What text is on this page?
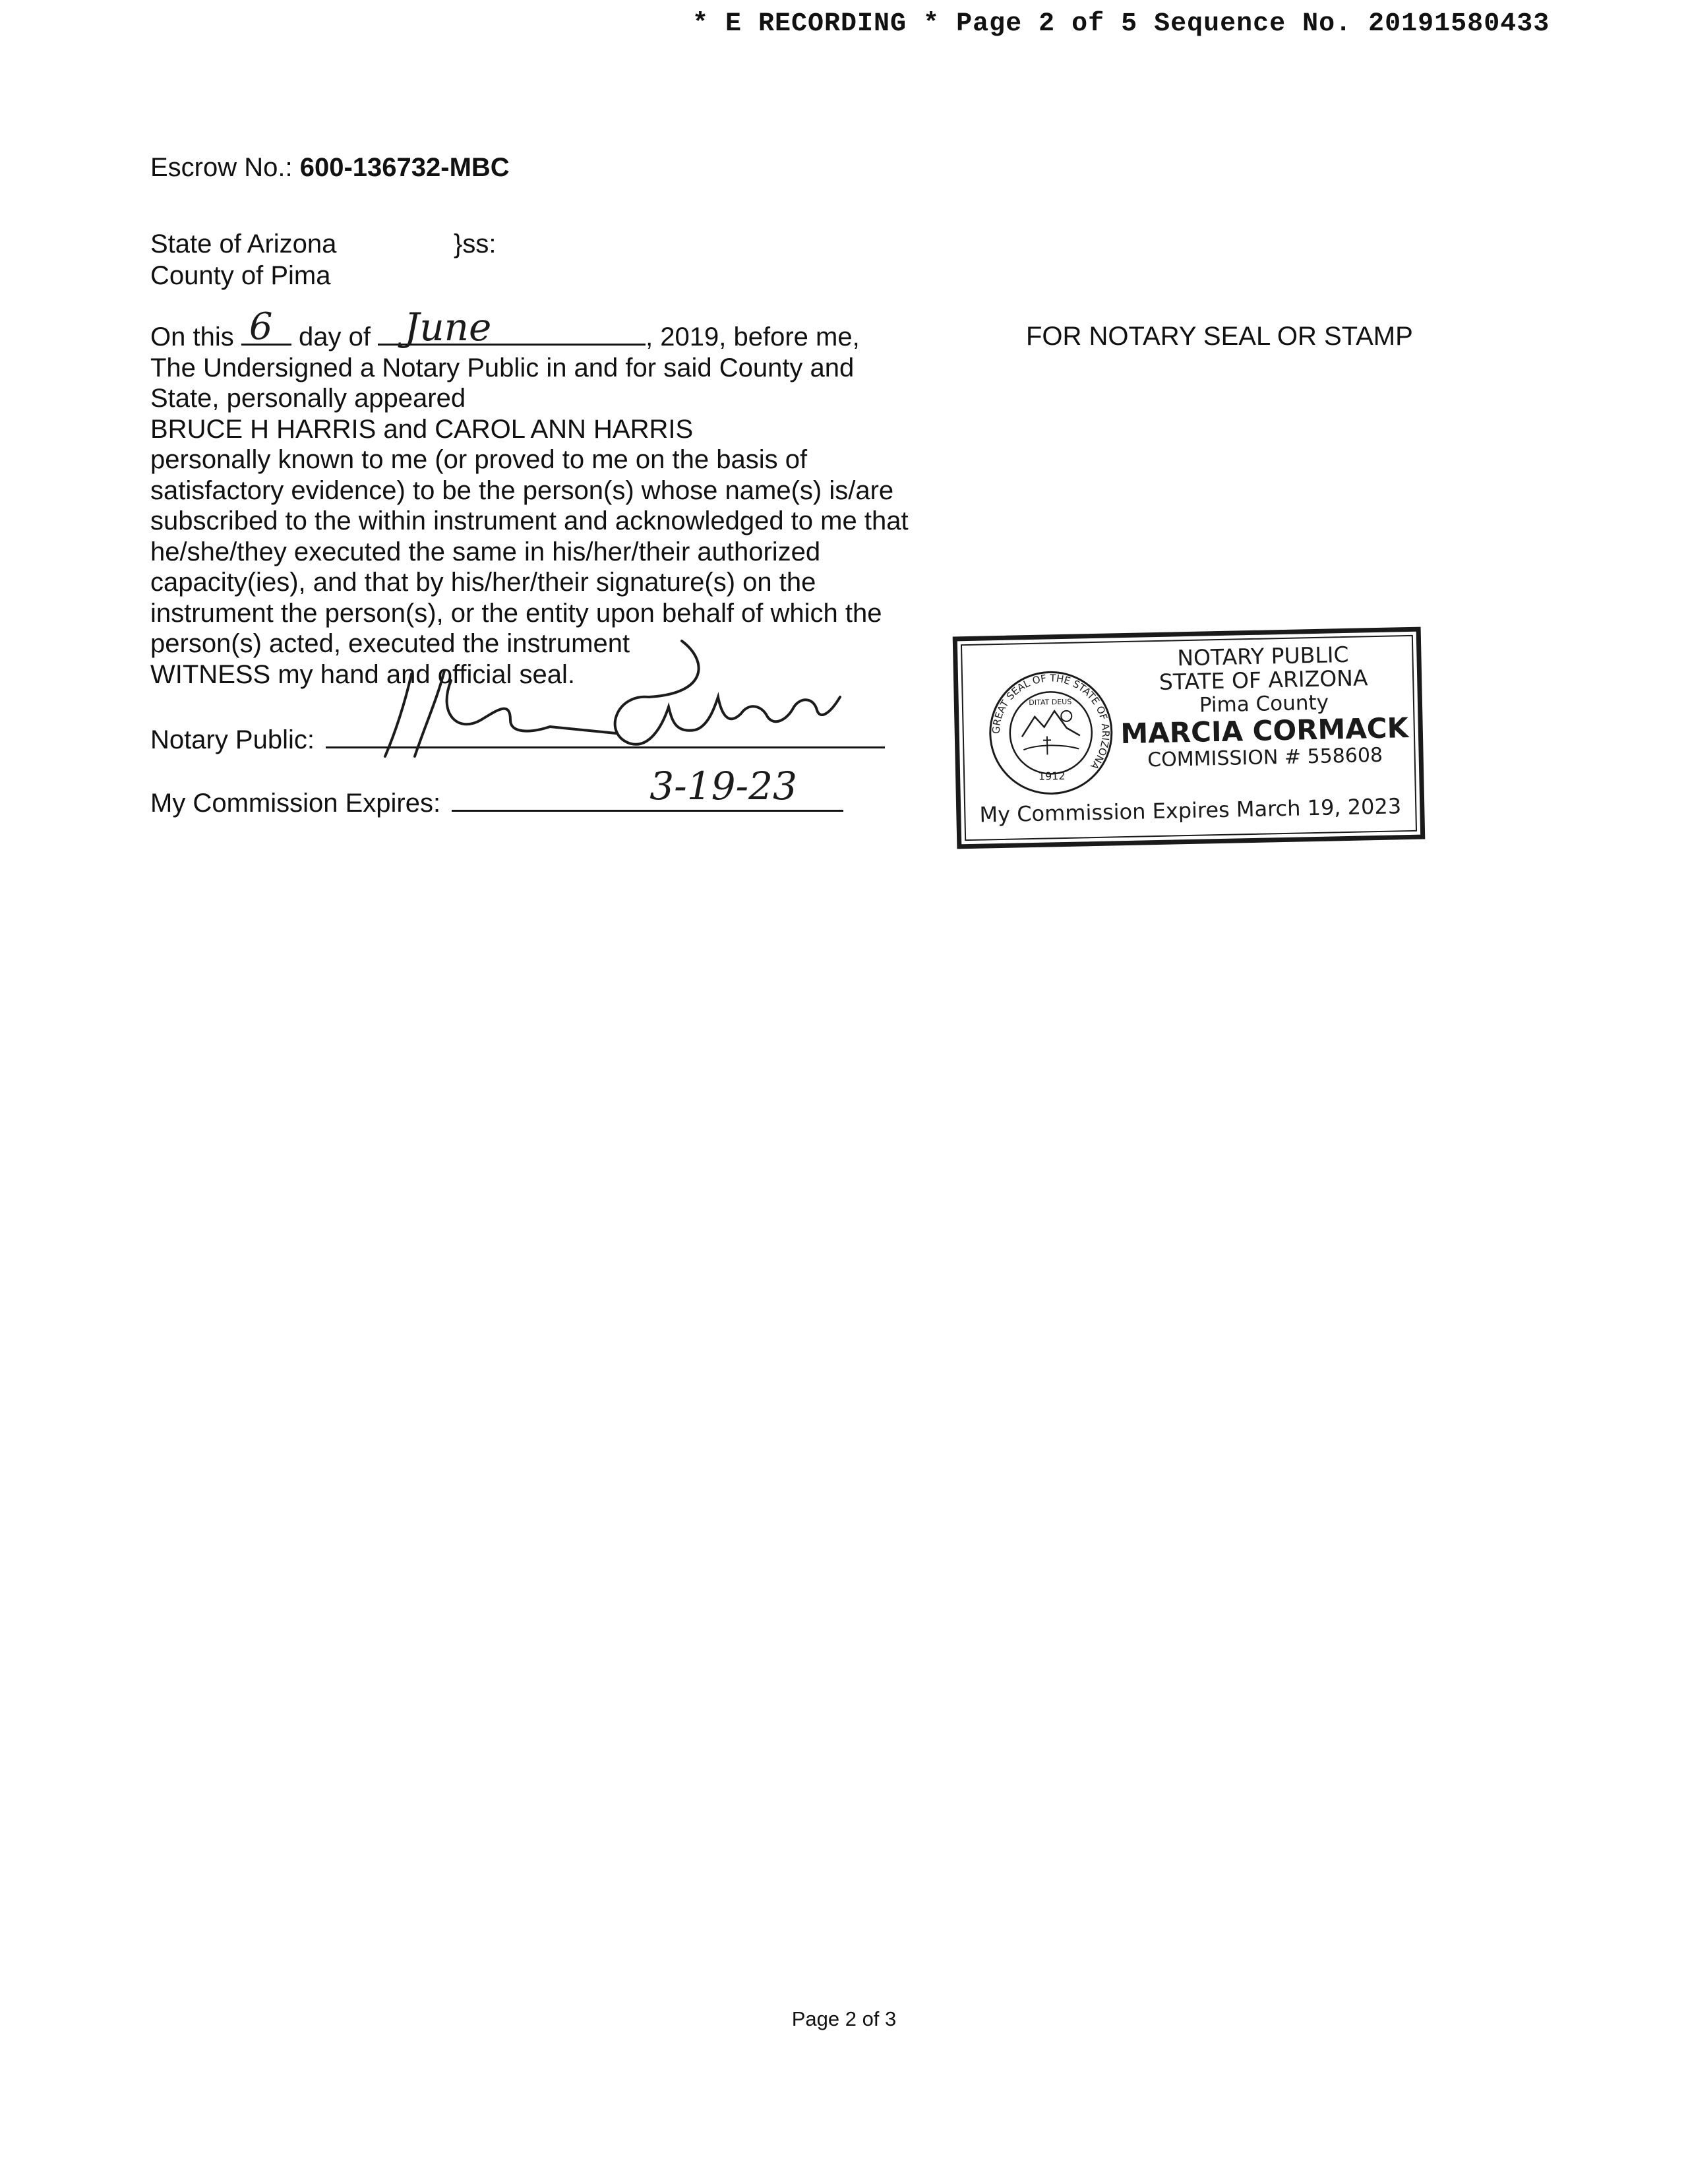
* E RECORDING * Page 2 of 5 Sequence No. 20191580433
Escrow No.: 600-136732-MBC
State of Arizona
County of Pima
}ss:
On this 6 day of June	, 2019, before me,
The Undersigned a Notary Public in and for said County and
State, personally appeared
BRUCE H HARRIS and CAROL ANN HARRIS
personally known to me (or proved to me on the basis of
satisfactory evidence) to be the person(s) whose name(s) is/are
subscribed to the within instrument and acknowledged to me that
he/she/they executed the same in his/her/their authorized
capacity(ies), and that by his/her/their signature(s) on the
instrument the person(s), or the entity upon behalf of which the
person(s) acted, executed the instrument
WITNESS my hand and official seal.
Notary Public:
My Commission Expires:	3-19-23
FOR NOTARY SEAL OR STAMP
GREAT SEAL OF THE STATE OF ARIZONA
DITAT DEUS
1912
NOTARY PUBLIC
STATE OF ARIZONA
Pima County
MARCIA CORMACK
COMMISSION # 558608
My Commission Expires March 19, 2023
Page 2 of 3
